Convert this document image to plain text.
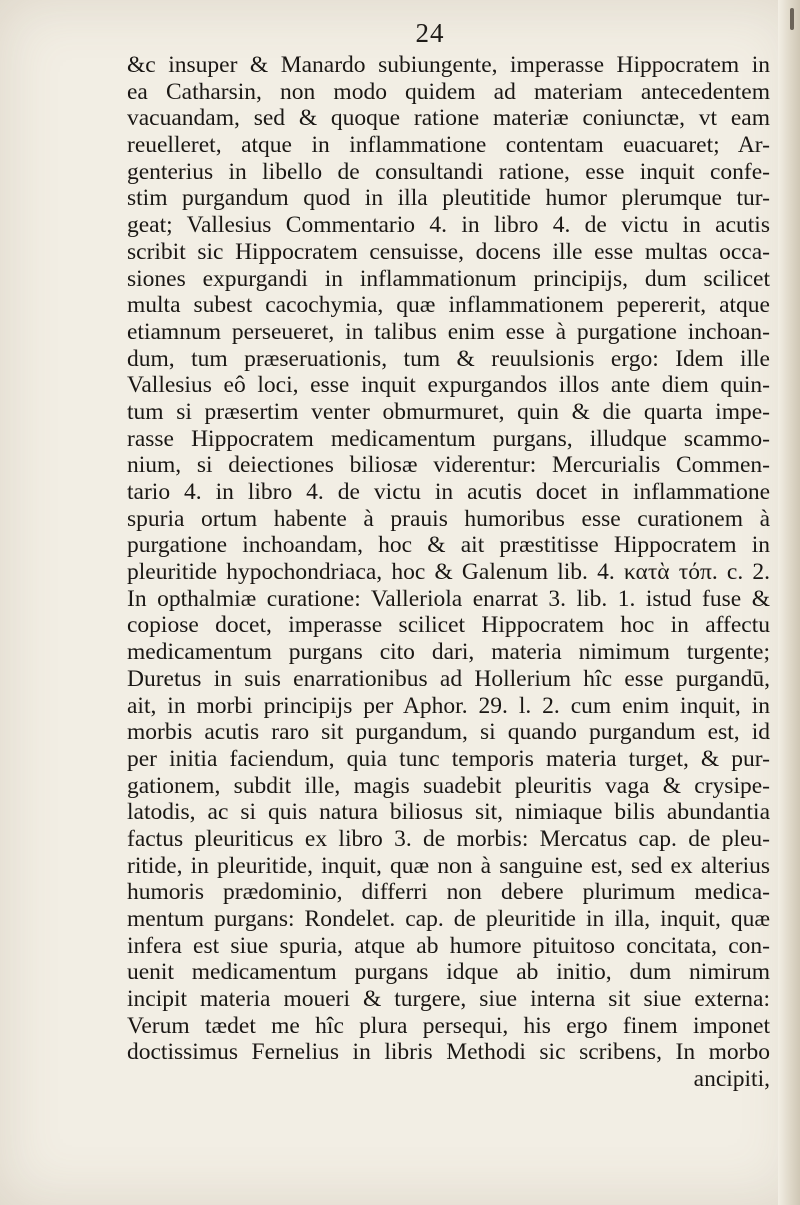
24
&c insuper & Manardo subiungente, imperasse Hippocratem in
ea Catharsin, non modo quidem ad materiam antecedentem
vacuandam, sed & quoque ratione materiæ coniunctæ, vt eam
reuelleret, atque in inflammatione contentam euacuaret; Ar-
genterius in libello de consultandi ratione, esse inquit confe-
stim purgandum quod in illa pleutitide humor plerumque tur-
geat; Vallesius Commentario 4. in libro 4. de victu in acutis
scribit sic Hippocratem censuisse, docens ille esse multas occa-
siones expurgandi in inflammationum principijs, dum scilicet
multa subest cacochymia, quæ inflammationem pepererit, atque
etiamnum perseueret, in talibus enim esse à purgatione inchoan-
dum, tum præseruationis, tum & reuulsionis ergo: Idem ille
Vallesius eô loci, esse inquit expurgandos illos ante diem quin-
tum si præsertim venter obmurmuret, quin & die quarta impe-
rasse Hippocratem medicamentum purgans, illudque scammo-
nium, si deiectiones biliosæ viderentur: Mercurialis Commen-
tario 4. in libro 4. de victu in acutis docet in inflammatione
spuria ortum habente à prauis humoribus esse curationem à
purgatione inchoandam, hoc & ait præstitisse Hippocratem in
pleuritide hypochondriaca, hoc & Galenum lib. 4. κατὰ τόπ. c. 2.
In opthalmiæ curatione: Valleriola enarrat 3. lib. 1. istud fuse &
copiose docet, imperasse scilicet Hippocratem hoc in affectu
medicamentum purgans cito dari, materia nimimum turgente;
Duretus in suis enarrationibus ad Hollerium hîc esse purgandū,
ait, in morbi principijs per Aphor. 29. l. 2. cum enim inquit, in
morbis acutis raro sit purgandum, si quando purgandum est, id
per initia faciendum, quia tunc temporis materia turget, & pur-
gationem, subdit ille, magis suadebit pleuritis vaga & crysipe-
latodis, ac si quis natura biliosus sit, nimiaque bilis abundantia
factus pleuriticus ex libro 3. de morbis: Mercatus cap. de pleu-
ritide, in pleuritide, inquit, quæ non à sanguine est, sed ex alterius
humoris prædominio, differri non debere plurimum medica-
mentum purgans: Rondelet. cap. de pleuritide in illa, inquit, quæ
infera est siue spuria, atque ab humore pituitoso concitata, con-
uenit medicamentum purgans idque ab initio, dum nimirum
incipit materia moueri & turgere, siue interna sit siue externa:
Verum tædet me hîc plura persequi, his ergo finem imponet
doctissimus Fernelius in libris Methodi sic scribens, In morbo
ancipiti,
